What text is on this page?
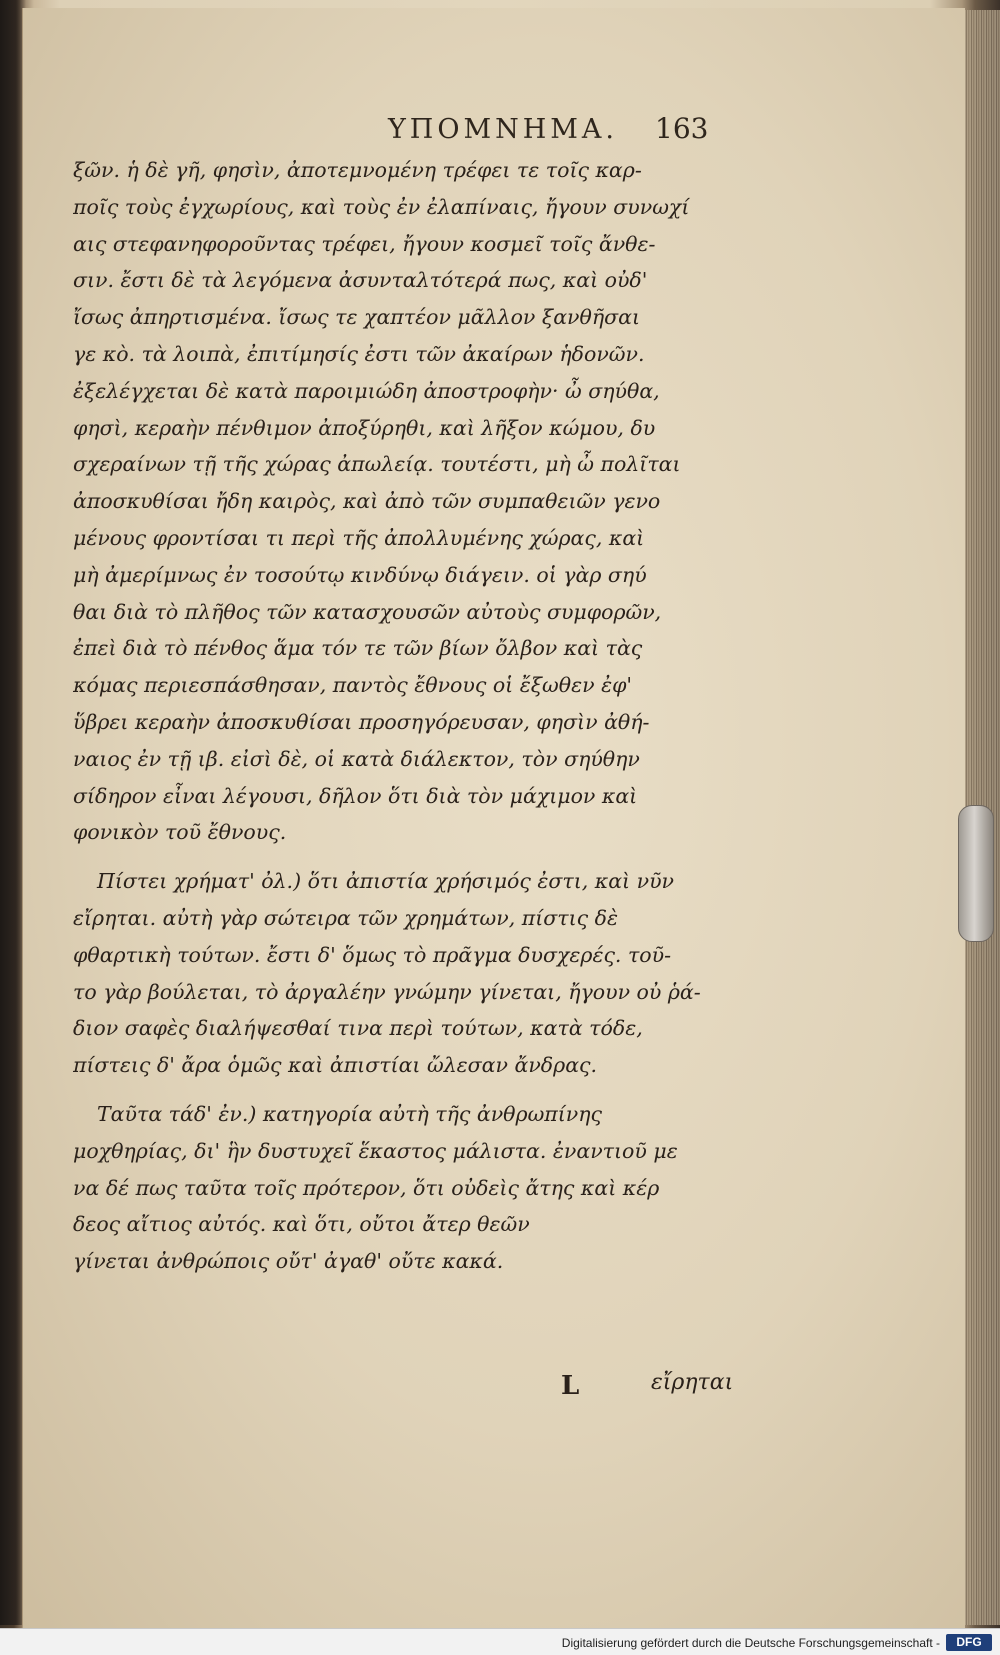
ΥΠΟΜΝΗΜΑ.	163
ξῶν. ἡ δὲ γῆ, φησὶν, ἀποτεμνομένη τρέφει τε τοῖς καρ-
ποῖς τοὺς ἐγχωρίους, καὶ τοὺς ἐν ἐλαπίναις, ἤγουν συνωχί
αις στεφανηφοροῦντας τρέφει, ἤγουν κοσμεῖ τοῖς ἄνθε-
σιν. ἔστι δὲ τὰ λεγόμενα ἀσυνταλτότερά πως, καὶ οὐδ'
ἴσως ἀπηρτισμένα. ἴσως τε χαπτέον μᾶλλον ξανθῆσαι
γε κὸ. τὰ λοιπὰ, ἐπιτίμησίς ἐστι τῶν ἀκαίρων ἡδονῶν.
ἐξελέγχεται δὲ κατὰ παροιμιώδη ἀποστροφὴν· ὦ σηύθα,
φησὶ, κεραὴν πένθιμον ἀποξύρηθι, καὶ λῆξον κώμου, δυ
σχεραίνων τῇ τῆς χώρας ἀπωλείᾳ. τουτέστι, μὴ ὦ πολῖται
ἀποσκυθίσαι ἤδη καιρὸς, καὶ ἀπὸ τῶν συμπαθειῶν γενο
μένους φροντίσαι τι περὶ τῆς ἀπολλυμένης χώρας, καὶ
μὴ ἀμερίμνως ἐν τοσούτῳ κινδύνῳ διάγειν. οἱ γὰρ σηύ
θαι διὰ τὸ πλῆθος τῶν κατασχουσῶν αὐτοὺς συμφορῶν,
ἐπεὶ διὰ τὸ πένθος ἅμα τόν τε τῶν βίων ὄλβον καὶ τὰς
κόμας περιεσπάσθησαν, παντὸς ἔθνους οἱ ἔξωθεν ἐφ'
ὕβρει κεραὴν ἀποσκυθίσαι προσηγόρευσαν, φησὶν ἀθή-
ναιος ἐν τῇ ιβ. εἰσὶ δὲ, οἱ κατὰ διάλεκτον, τὸν σηύθην
σίδηρον εἶναι λέγουσι, δῆλον ὅτι διὰ τὸν μάχιμον καὶ
φονικὸν τοῦ ἔθνους.
Πίστει χρήματ' ὀλ.) ὅτι ἀπιστία χρήσιμός ἐστι, καὶ νῦν
εἴρηται. αὐτὴ γὰρ σώτειρα τῶν χρημάτων, πίστις δὲ
φθαρτικὴ τούτων. ἔστι δ' ὅμως τὸ πρᾶγμα δυσχερές. τοῦ-
το γὰρ βούλεται, τὸ ἀργαλέην γνώμην γίνεται, ἤγουν οὐ ῥά-
διον σαφὲς διαλήψεσθαί τινα περὶ τούτων, κατὰ τόδε,
πίστεις δ' ἄρα ὁμῶς καὶ ἀπιστίαι ὤλεσαν ἄνδρας.
Ταῦτα τάδ' ἐν.) κατηγορία αὐτὴ τῆς ἀνθρωπίνης
μοχθηρίας, δι' ἣν δυστυχεῖ ἕκαστος μάλιστα. ἐναντιοῦ με
να δέ πως ταῦτα τοῖς πρότερον, ὅτι οὐδεὶς ἄτης καὶ κέρ
δεος αἴτιος αὐτός. καὶ ὅτι, οὔτοι ἄτερ θεῶν
γίνεται ἀνθρώποις οὔτ' ἀγαθ' οὔτε κακά.
L	εἴρηται
Digitalisierung gefördert durch die Deutsche Forschungsgemeinschaft -	DFG
